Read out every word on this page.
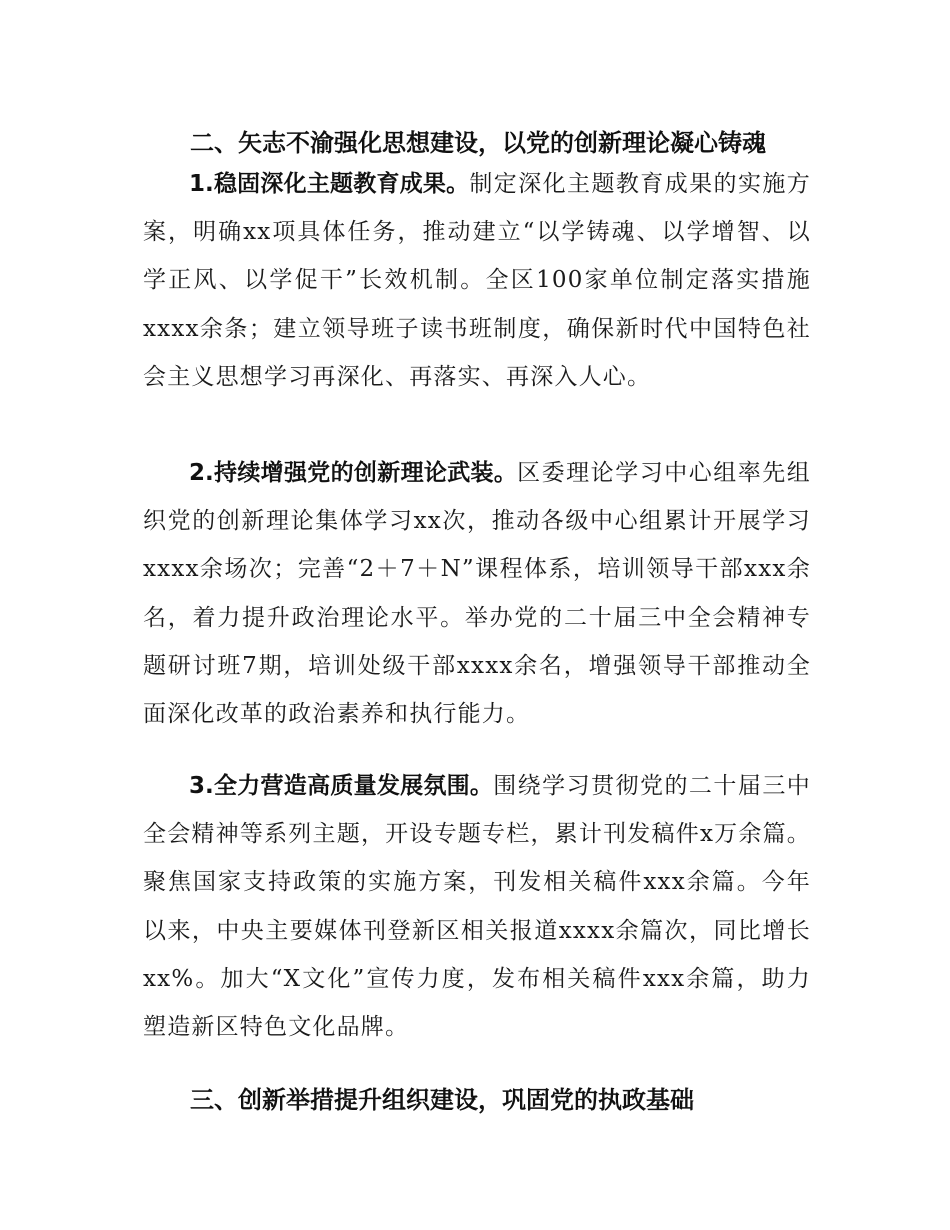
二、矢志不渝强化思想建设，以党的创新理论凝心铸魂
1.稳固深化主题教育成果。制定深化主题教育成果的实施方案，明确xx项具体任务，推动建立“以学铸魂、以学增智、以学正风、以学促干”长效机制。全区100家单位制定落实措施xxxx余条；建立领导班子读书班制度，确保新时代中国特色社会主义思想学习再深化、再落实、再深入人心。
2.持续增强党的创新理论武装。区委理论学习中心组率先组织党的创新理论集体学习xx次，推动各级中心组累计开展学习xxxx余场次；完善“2＋7＋N”课程体系，培训领导干部xxx余名，着力提升政治理论水平。举办党的二十届三中全会精神专题研讨班7期，培训处级干部xxxx余名，增强领导干部推动全面深化改革的政治素养和执行能力。
3.全力营造高质量发展氛围。围绕学习贯彻党的二十届三中全会精神等系列主题，开设专题专栏，累计刊发稿件x万余篇。聚焦国家支持政策的实施方案，刊发相关稿件xxx余篇。今年以来，中央主要媒体刊登新区相关报道xxxx余篇次，同比增长xx%。加大“X文化”宣传力度，发布相关稿件xxx余篇，助力塑造新区特色文化品牌。
三、创新举措提升组织建设，巩固党的执政基础
